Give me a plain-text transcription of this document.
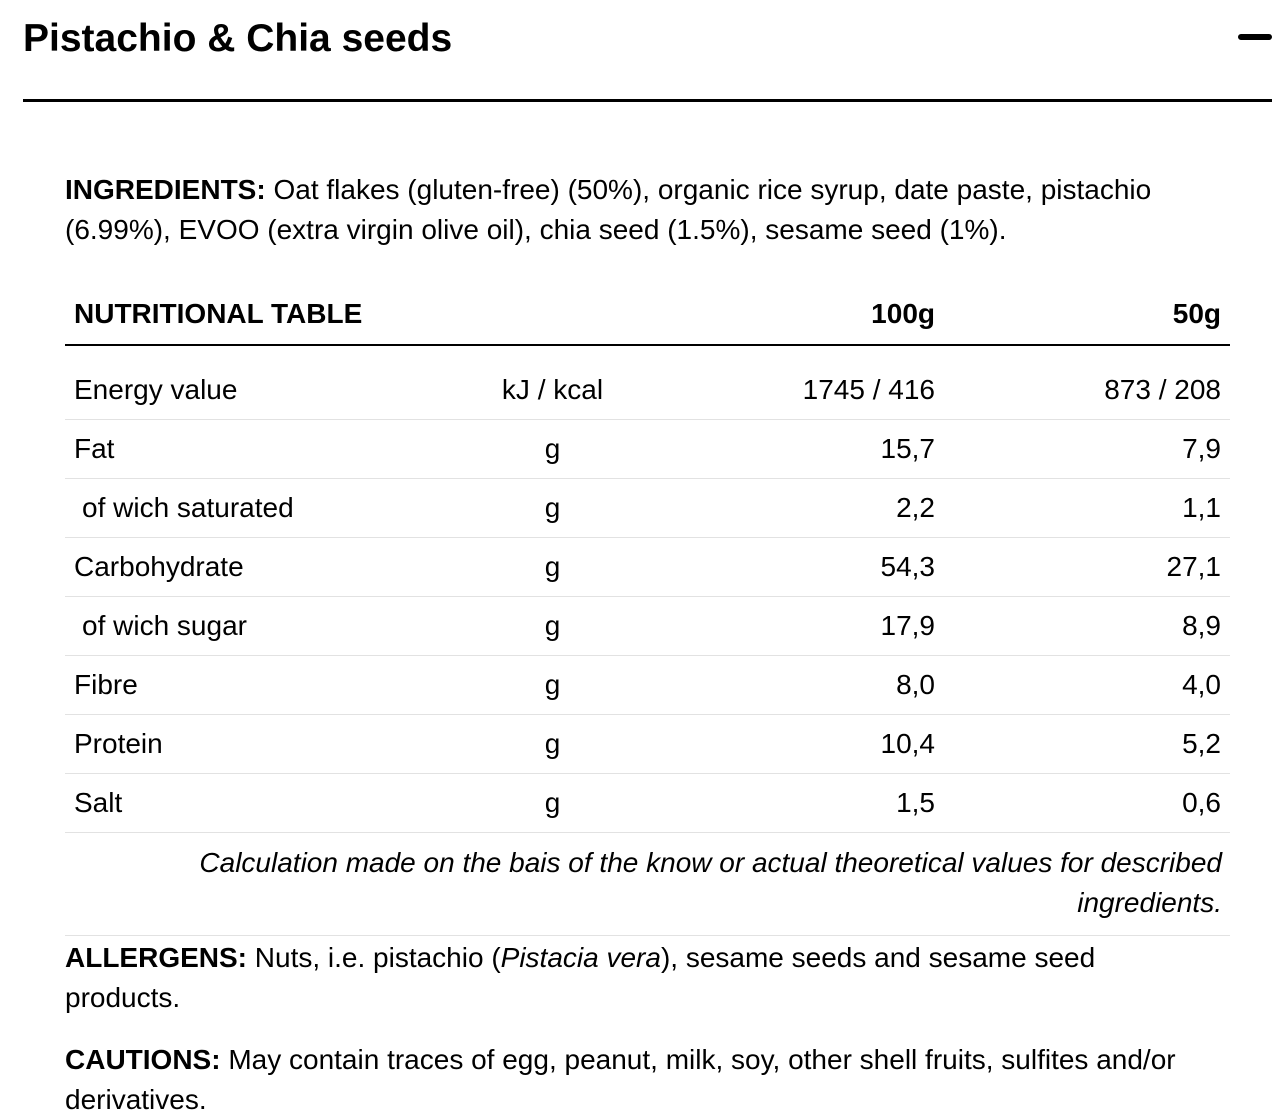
Pistachio & Chia seeds

INGREDIENTS: Oat flakes (gluten-free) (50%), organic rice syrup, date paste, pistachio
(6.99%), EVOO (extra virgin olive oil), chia seed (1.5%), sesame seed (1%).

NUTRITIONAL TABLE		100g	50g
Energy value	kJ / kcal	1745 / 416	873 / 208
Fat	g	15,7	7,9
of wich saturated	g	2,2	1,1
Carbohydrate	g	54,3	27,1
of wich sugar	g	17,9	8,9
Fibre	g	8,0	4,0
Protein	g	10,4	5,2
Salt	g	1,5	0,6

Calculation made on the bais of the know or actual theoretical values for described
ingredients.

ALLERGENS: Nuts, i.e. pistachio (Pistacia vera), sesame seeds and sesame seed
products.

CAUTIONS: May contain traces of egg, peanut, milk, soy, other shell fruits, sulfites and/or
derivatives.
